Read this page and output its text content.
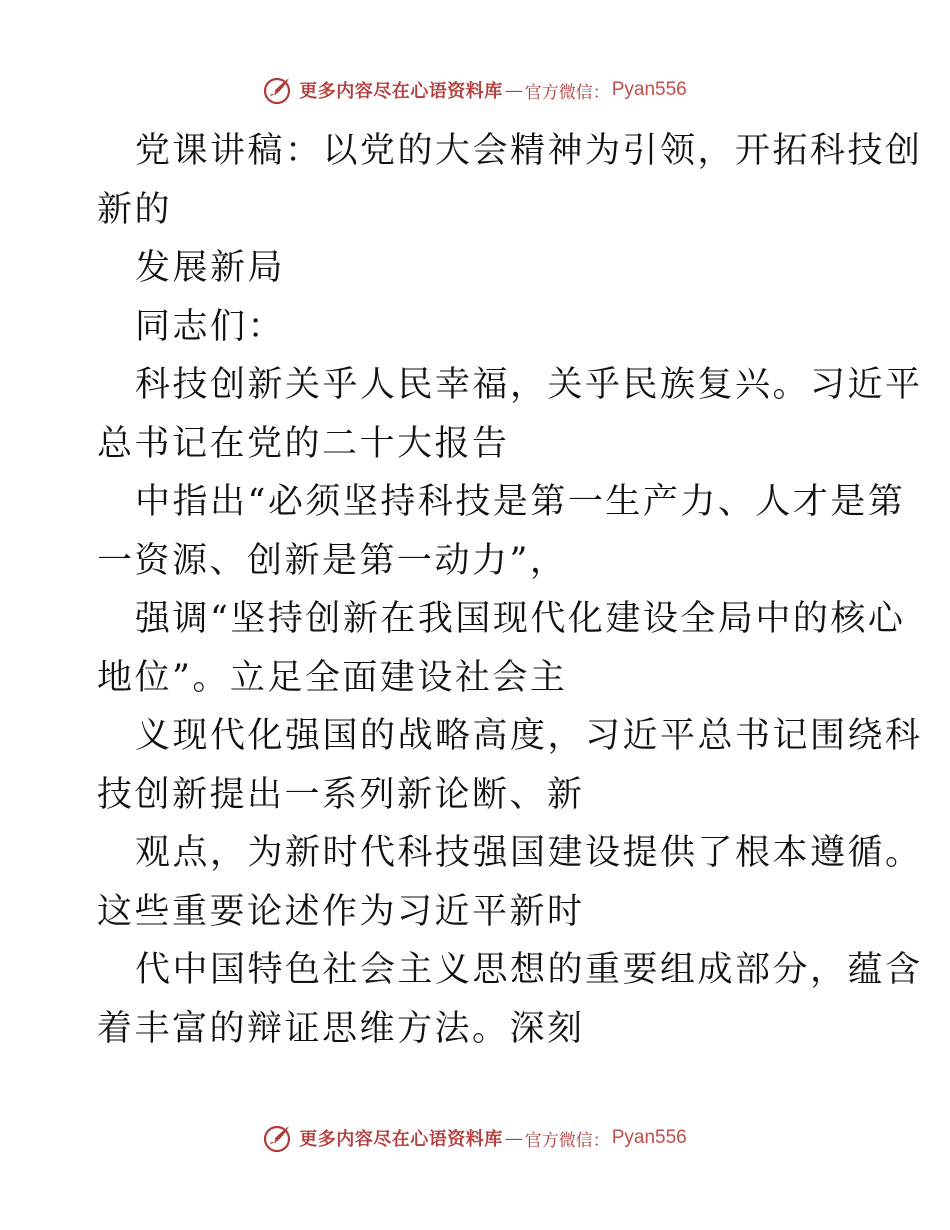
更多内容尽在心语资料库 — 官方微信： Pyan556
党课讲稿：以党的大会精神为引领，开拓科技创
新的
发展新局
同志们：
科技创新关乎人民幸福，关乎民族复兴。习近平
总书记在党的二十大报告
中指出“必须坚持科技是第一生产力、人才是第
一资源、创新是第一动力”，
强调“坚持创新在我国现代化建设全局中的核心
地位”。立足全面建设社会主
义现代化强国的战略高度，习近平总书记围绕科
技创新提出一系列新论断、新
观点，为新时代科技强国建设提供了根本遵循。
这些重要论述作为习近平新时
代中国特色社会主义思想的重要组成部分，蕴含
着丰富的辩证思维方法。深刻
更多内容尽在心语资料库 — 官方微信： Pyan556
